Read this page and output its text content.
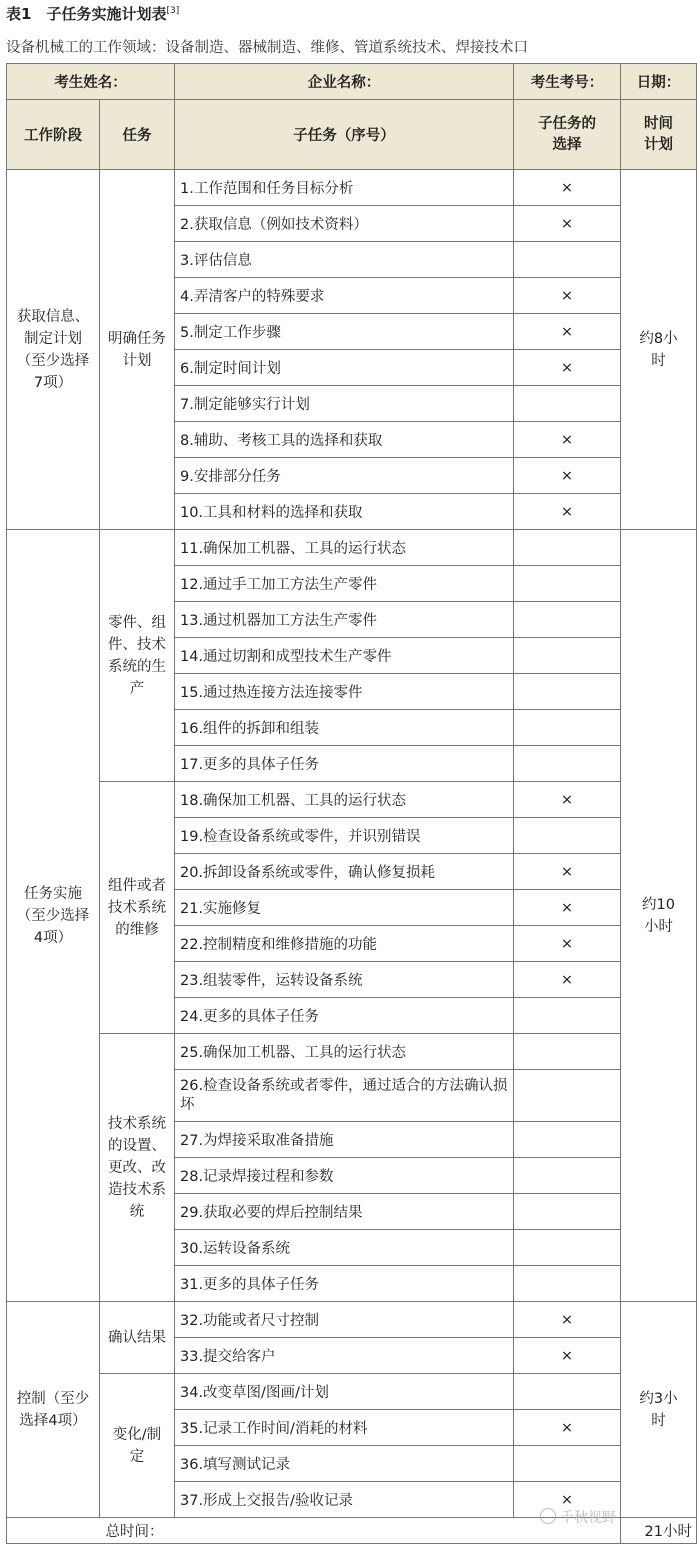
表1　子任务实施计划表[3]
设备机械工的工作领域：设备制造、器械制造、维修、管道系统技术、焊接技术口
考生姓名：		企业名称：	考生考号：	日期：
工作阶段	任务	子任务（序号）	子任务的选择	时间计划
获取信息、制定计划（至少选择7项）	明确任务计划	1.工作范围和任务目标分析	×	约8小时
		2.获取信息（例如技术资料）	×	
		3.评估信息		
		4.弄清客户的特殊要求	×	
		5.制定工作步骤	×	
		6.制定时间计划	×	
		7.制定能够实行计划		
		8.辅助、考核工具的选择和获取	×	
		9.安排部分任务	×	
		10.工具和材料的选择和获取	×	
任务实施（至少选择4项）	零件、组件、技术系统的生产	11.确保加工机器、工具的运行状态		约10小时
		12.通过手工加工方法生产零件		
		13.通过机器加工方法生产零件		
		14.通过切割和成型技术生产零件		
		15.通过热连接方法连接零件		
		16.组件的拆卸和组装		
		17.更多的具体子任务		
	组件或者技术系统的维修	18.确保加工机器、工具的运行状态	×	
		19.检查设备系统或零件，并识别错误		
		20.拆卸设备系统或零件，确认修复损耗	×	
		21.实施修复	×	
		22.控制精度和维修措施的功能	×	
		23.组装零件，运转设备系统	×	
		24.更多的具体子任务		
	技术系统的设置、更改、改造技术系统	25.确保加工机器、工具的运行状态		
		26.检查设备系统或者零件，通过适合的方法确认损坏		
		27.为焊接采取准备措施		
		28.记录焊接过程和参数		
		29.获取必要的焊后控制结果		
		30.运转设备系统		
		31.更多的具体子任务		
控制（至少选择4项）	确认结果	32.功能或者尺寸控制	×	约3小时
		33.提交给客户	×	
	变化/制定	34.改变草图/图画/计划		
		35.记录工作时间/消耗的材料	×	
		36.填写测试记录		
		37.形成上交报告/验收记录	×	
	总时间：			21小时
千秋视野
